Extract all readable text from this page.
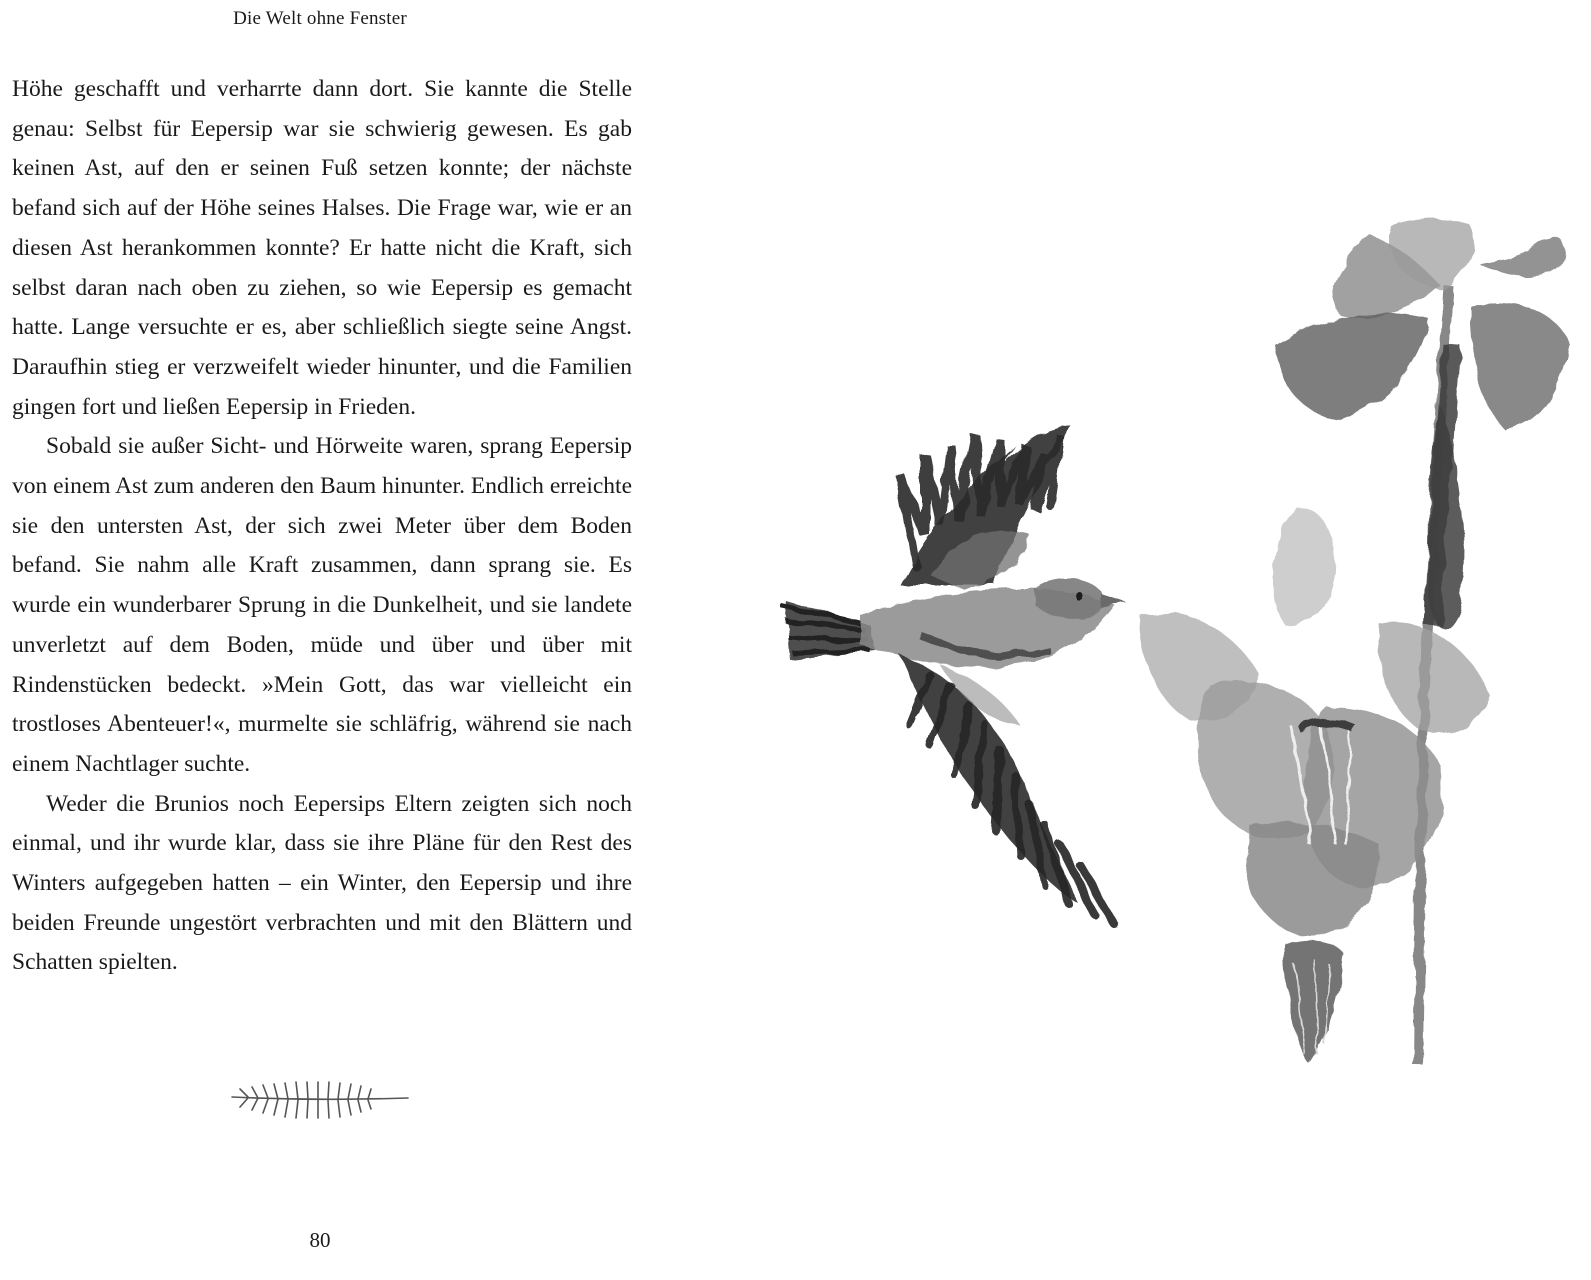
Die Welt ohne Fenster

Höhe geschafft und verharrte dann dort. Sie kannte die Stelle genau: Selbst für Eepersip war sie schwierig gewesen. Es gab keinen Ast, auf den er seinen Fuß setzen konnte; der nächste befand sich auf der Höhe seines Halses. Die Frage war, wie er an diesen Ast herankommen konnte? Er hatte nicht die Kraft, sich selbst daran nach oben zu ziehen, so wie Eepersip es gemacht hatte. Lange versuchte er es, aber schließlich siegte seine Angst. Daraufhin stieg er verzweifelt wieder hinunter, und die Familien gingen fort und ließen Eepersip in Frieden.

Sobald sie außer Sicht- und Hörweite waren, sprang Eepersip von einem Ast zum anderen den Baum hinunter. Endlich erreichte sie den untersten Ast, der sich zwei Meter über dem Boden befand. Sie nahm alle Kraft zusammen, dann sprang sie. Es wurde ein wunderbarer Sprung in die Dunkelheit, und sie landete unverletzt auf dem Boden, müde und über und über mit Rindenstücken bedeckt. »Mein Gott, das war vielleicht ein trostloses Abenteuer!«, murmelte sie schläfrig, während sie nach einem Nachtlager suchte.

Weder die Brunios noch Eepersips Eltern zeigten sich noch einmal, und ihr wurde klar, dass sie ihre Pläne für den Rest des Winters aufgegeben hatten – ein Winter, den Eepersip und ihre beiden Freunde ungestört verbrachten und mit den Blättern und Schatten spielten.

80
